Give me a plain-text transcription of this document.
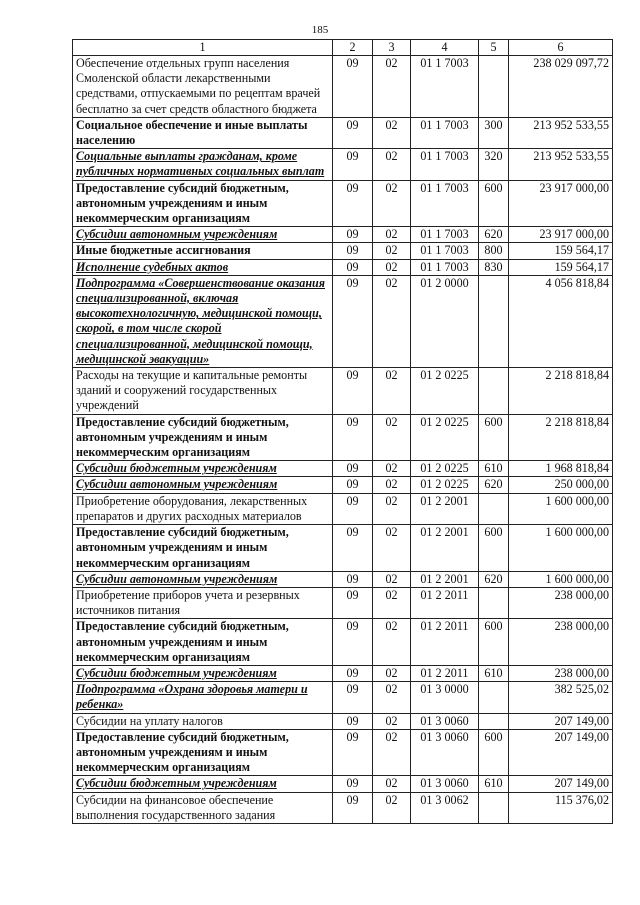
185
1	2	3	4	5	6
Обеспечение отдельных групп населения Смоленской области лекарственными средствами, отпускаемыми по рецептам врачей бесплатно за счет средств областного бюджета	09	02	01 1 7003		238 029 097,72
Социальное обеспечение и иные выплаты населению	09	02	01 1 7003	300	213 952 533,55
Социальные выплаты гражданам, кроме публичных нормативных социальных выплат	09	02	01 1 7003	320	213 952 533,55
Предоставление субсидий бюджетным, автономным учреждениям и иным некоммерческим организациям	09	02	01 1 7003	600	23 917 000,00
Субсидии автономным учреждениям	09	02	01 1 7003	620	23 917 000,00
Иные бюджетные ассигнования	09	02	01 1 7003	800	159 564,17
Исполнение судебных актов	09	02	01 1 7003	830	159 564,17
Подпрограмма «Совершенствование оказания специализированной, включая высокотехнологичную, медицинской помощи, скорой, в том числе скорой специализированной, медицинской помощи, медицинской эвакуации»	09	02	01 2 0000		4 056 818,84
Расходы на текущие и капитальные ремонты зданий и сооружений государственных учреждений	09	02	01 2 0225		2 218 818,84
Предоставление субсидий бюджетным, автономным учреждениям и иным некоммерческим организациям	09	02	01 2 0225	600	2 218 818,84
Субсидии бюджетным учреждениям	09	02	01 2 0225	610	1 968 818,84
Субсидии автономным учреждениям	09	02	01 2 0225	620	250 000,00
Приобретение оборудования, лекарственных препаратов и других расходных материалов	09	02	01 2 2001		1 600 000,00
Предоставление субсидий бюджетным, автономным учреждениям и иным некоммерческим организациям	09	02	01 2 2001	600	1 600 000,00
Субсидии автономным учреждениям	09	02	01 2 2001	620	1 600 000,00
Приобретение приборов учета и резервных источников питания	09	02	01 2 2011		238 000,00
Предоставление субсидий бюджетным, автономным учреждениям и иным некоммерческим организациям	09	02	01 2 2011	600	238 000,00
Субсидии бюджетным учреждениям	09	02	01 2 2011	610	238 000,00
Подпрограмма «Охрана здоровья матери и ребенка»	09	02	01 3 0000		382 525,02
Субсидии на уплату налогов	09	02	01 3 0060		207 149,00
Предоставление субсидий бюджетным, автономным учреждениям и иным некоммерческим организациям	09	02	01 3 0060	600	207 149,00
Субсидии бюджетным учреждениям	09	02	01 3 0060	610	207 149,00
Субсидии на финансовое обеспечение выполнения государственного задания	09	02	01 3 0062		115 376,02
